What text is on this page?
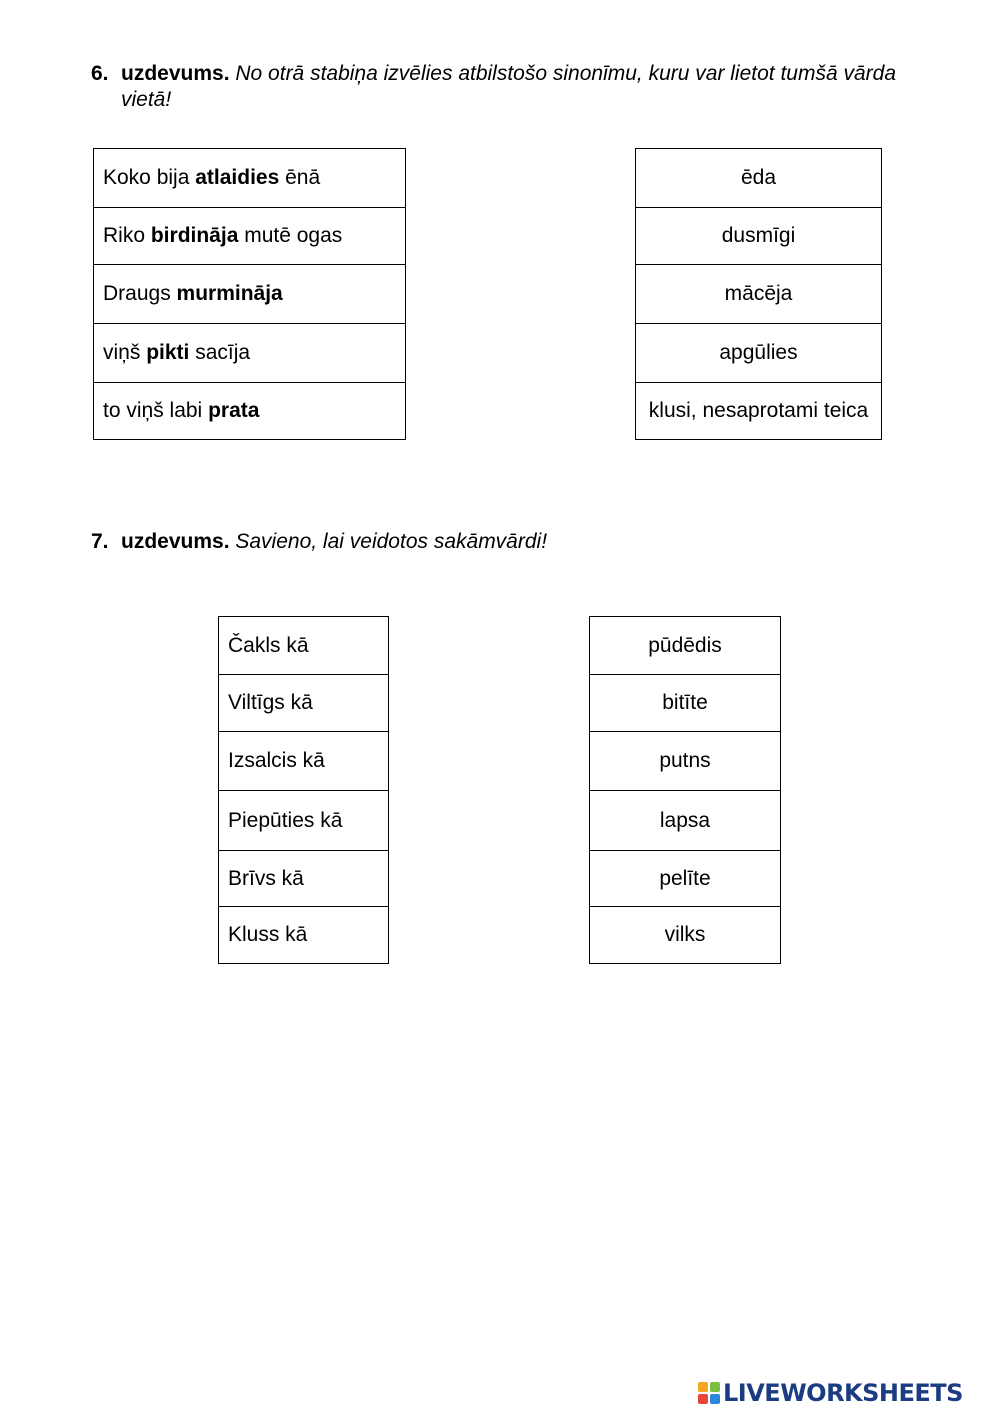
6. uzdevums. No otrā stabiņa izvēlies atbilstošo sinonīmu, kuru var lietot tumšā vārda vietā!
Koko bija atlaidies ēnā
Riko birdināja mutē ogas
Draugs murmināja
viņš pikti sacīja
to viņš labi prata
ēda
dusmīgi
mācēja
apgūlies
klusi, nesaprotami teica
7. uzdevums. Savieno, lai veidotos sakāmvārdi!
Čakls kā
Viltīgs kā
Izsalcis kā
Piepūties kā
Brīvs kā
Kluss kā
pūdēdis
bitīte
putns
lapsa
pelīte
vilks
LIVEWORKSHEETS
